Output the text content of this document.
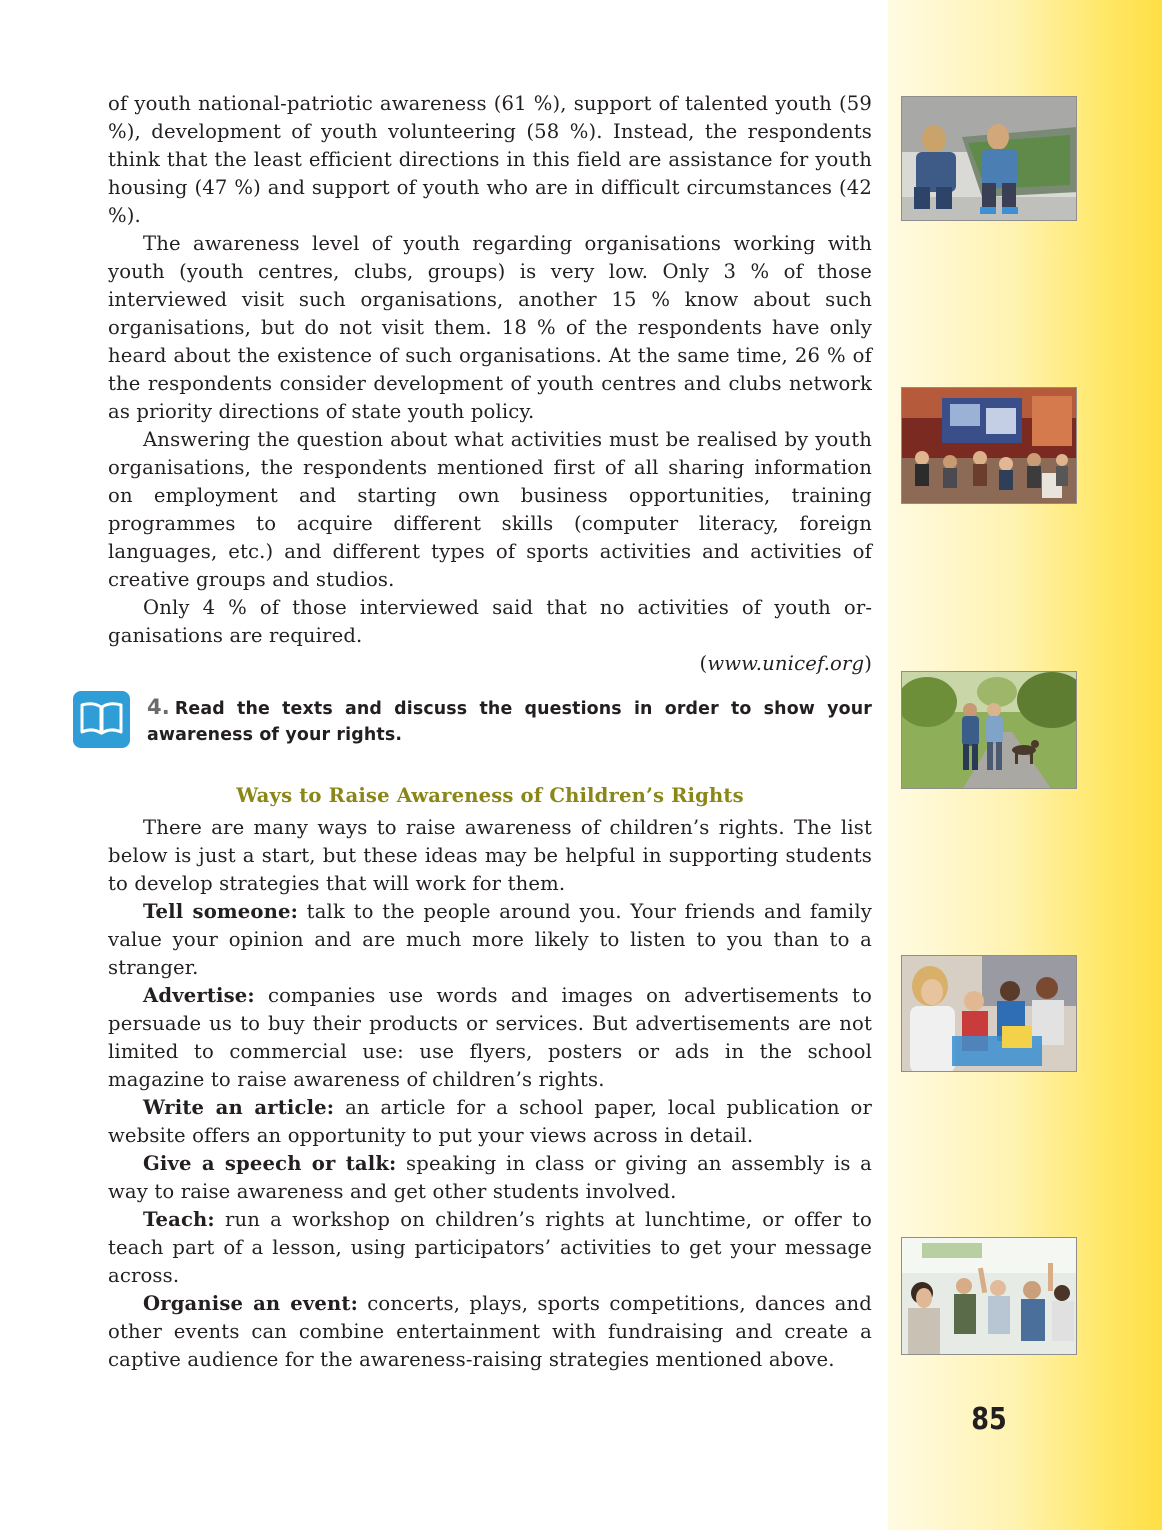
of youth national-patriotic awareness (61 %), support of talented youth (59 %), development of youth volunteering (58 %). Instead, the respondents think that the least efficient directions in this field are assistance for youth housing (47 %) and support of youth who are in difficult circumstances (42 %).

The awareness level of youth regarding organisations working with youth (youth centres, clubs, groups) is very low. Only 3 % of those interviewed visit such organisations, another 15 % know about such organisations, but do not visit them. 18 % of the respondents have only heard about the existence of such organisations. At the same time, 26 % of the respondents consider development of youth centres and clubs network as priority directions of state youth policy.

Answering the question about what activities must be realised by youth organisations, the respondents mentioned first of all sharing information on employment and starting own business opportunities, training programmes to acquire different skills (computer literacy, foreign languages, etc.) and different types of sports activities and activities of creative groups and studios.

Only 4 % of those interviewed said that no activities of youth organisations are required.

(www.unicef.org)

4. Read the texts and discuss the questions in order to show your awareness of your rights.

Ways to Raise Awareness of Children’s Rights

There are many ways to raise awareness of children’s rights. The list below is just a start, but these ideas may be helpful in supporting students to develop strategies that will work for them.

Tell someone: talk to the people around you. Your friends and family value your opinion and are much more likely to listen to you than to a stranger.

Advertise: companies use words and images on advertisements to persuade us to buy their products or services. But advertisements are not limited to commercial use: use flyers, posters or ads in the school magazine to raise awareness of children’s rights.

Write an article: an article for a school paper, local publication or website offers an opportunity to put your views across in detail.

Give a speech or talk: speaking in class or giving an assembly is a way to raise awareness and get other students involved.

Teach: run a workshop on children’s rights at lunchtime, or offer to teach part of a lesson, using participators’ activities to get your message across.

Organise an event: concerts, plays, sports competitions, dances and other events can combine entertainment with fundraising and create a captive audience for the awareness-raising strategies mentioned above.

85
